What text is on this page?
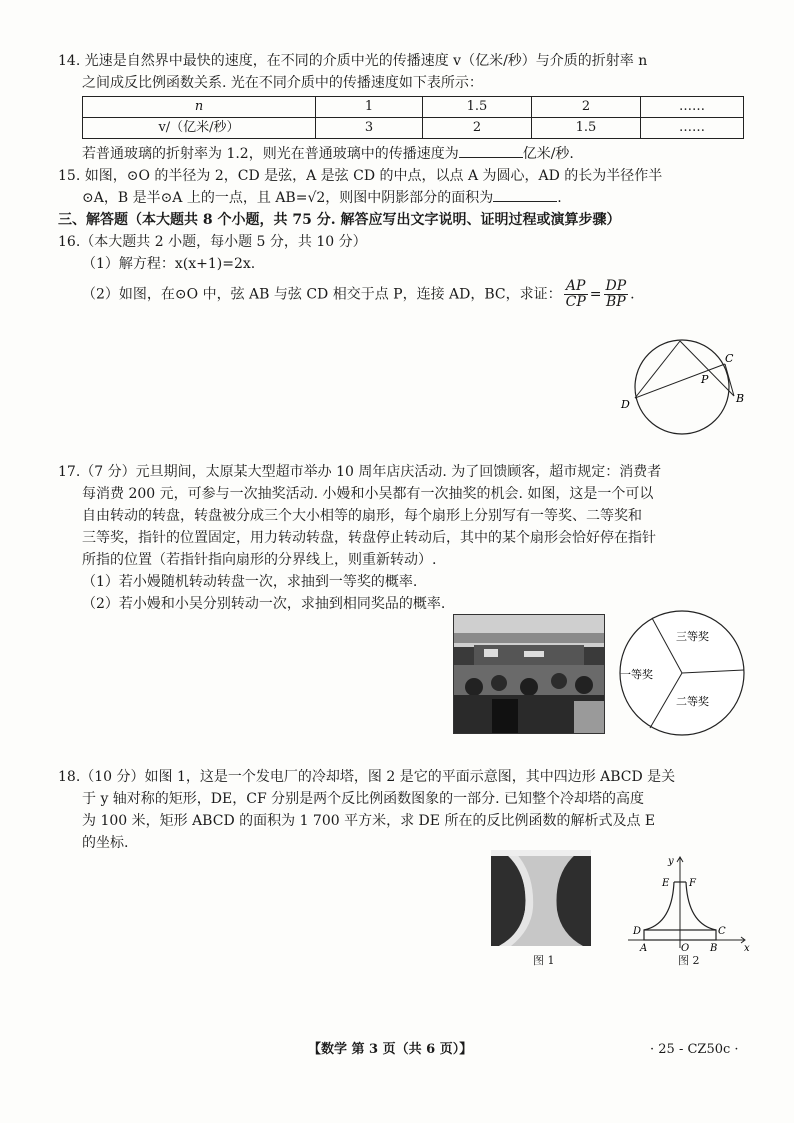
14. 光速是自然界中最快的速度，在不同的介质中光的传播速度 v（亿米/秒）与介质的折射率 n

之间成反比例函数关系. 光在不同介质中的传播速度如下表所示：

n	1	1.5	2	……
v/（亿米/秒）	3	2	1.5	……

若普通玻璃的折射率为 1.2，则光在普通玻璃中的传播速度为	亿米/秒.

15. 如图，⊙O 的半径为 2，CD 是弦，A 是弦 CD 的中点，以点 A 为圆心，AD 的长为半径作半

⊙A，B 是半⊙A 上的一点，且 AB=√2，则图中阴影部分的面积为	.

三、解答题（本大题共 8 个小题，共 75 分. 解答应写出文字说明、证明过程或演算步骤）

16.（本大题共 2 小题，每小题 5 分，共 10 分）

（1）解方程：x(x+1)=2x.

（2）如图，在⊙O 中，弦 AB 与弦 CD 相交于点 P，连接 AD，BC，求证： $\frac{AP}{CP} = \frac{DP}{BP}$ .

D	B
C
P

17.（7 分）元旦期间，太原某大型超市举办 10 周年店庆活动. 为了回馈顾客，超市规定：消费者

每消费 200 元，可参与一次抽奖活动. 小嫚和小吴都有一次抽奖的机会. 如图，这是一个可以

自由转动的转盘，转盘被分成三个大小相等的扇形，每个扇形上分别写有一等奖、二等奖和

三等奖，指针的位置固定，用力转动转盘，转盘停止转动后，其中的某个扇形会恰好停在指针

所指的位置（若指针指向扇形的分界线上，则重新转动）.

（1）若小嫚随机转动转盘一次，求抽到一等奖的概率.

（2）若小嫚和小吴分别转动一次，求抽到相同奖品的概率.

一等奖
二等奖
三等奖

18.（10 分）如图 1，这是一个发电厂的冷却塔，图 2 是它的平面示意图，其中四边形 ABCD 是关

于 y 轴对称的矩形，DE，CF 分别是两个反比例函数图象的一部分. 已知整个冷却塔的高度

为 100 米，矩形 ABCD 的面积为 1 700 平方米，求 DE 所在的反比例函数的解析式及点 E

的坐标.

图 1
y
x
E F
D	C
A	O B
图 2
【数学 第 3 页（共 6 页）】	· 25 - CZ50c ·
